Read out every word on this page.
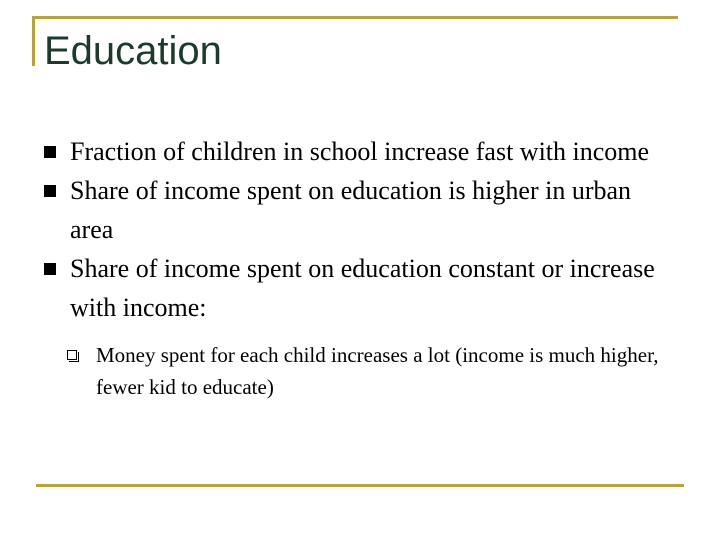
Education
Fraction of children in school increase fast with income
Share of income spent on education is higher in urban area
Share of income spent on education constant or increase with income:
Money spent for each child increases a lot (income is much higher, fewer kid to educate)
